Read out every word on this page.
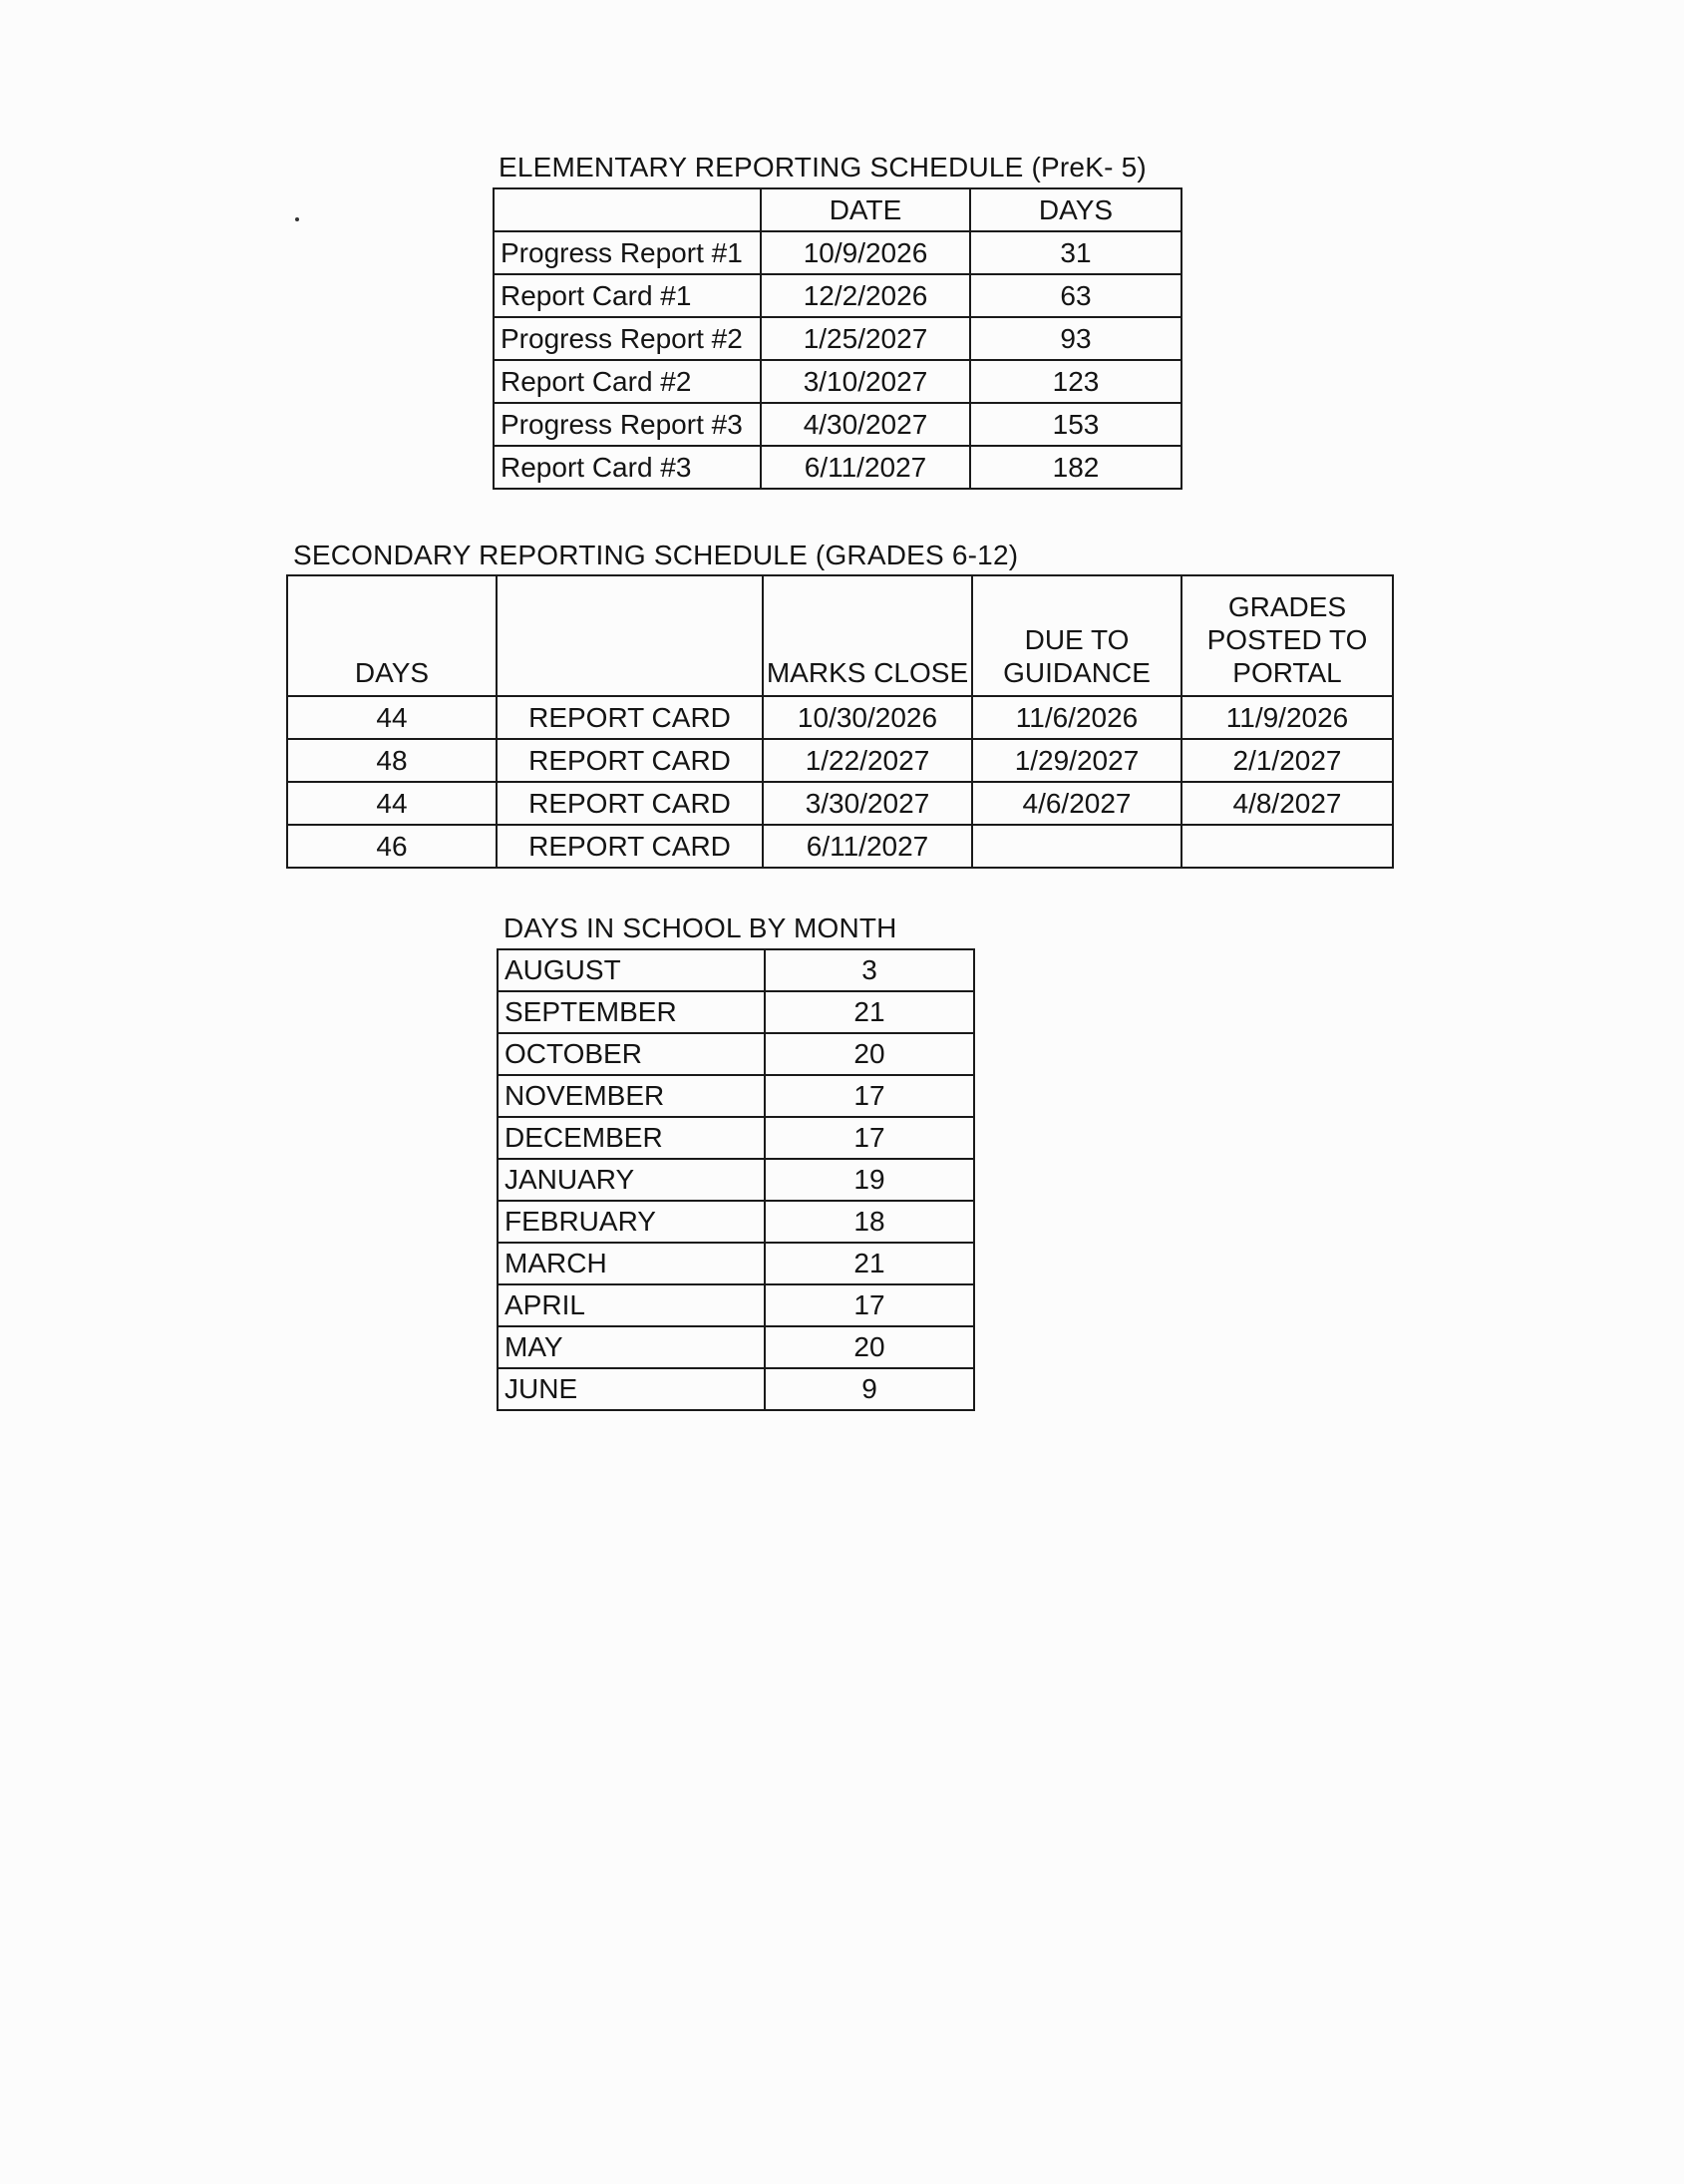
ELEMENTARY REPORTING SCHEDULE (PreK- 5)
	DATE	DAYS
Progress Report #1	10/9/2026	31
Report Card #1	12/2/2026	63
Progress Report #2	1/25/2027	93
Report Card #2	3/10/2027	123
Progress Report #3	4/30/2027	153
Report Card #3	6/11/2027	182
SECONDARY REPORTING SCHEDULE (GRADES 6-12)
DAYS		MARKS CLOSE	DUE TO GUIDANCE	GRADES POSTED TO PORTAL
44	REPORT CARD	10/30/2026	11/6/2026	11/9/2026
48	REPORT CARD	1/22/2027	1/29/2027	2/1/2027
44	REPORT CARD	3/30/2027	4/6/2027	4/8/2027
46	REPORT CARD	6/11/2027		
DAYS IN SCHOOL BY MONTH
AUGUST	3
SEPTEMBER	21
OCTOBER	20
NOVEMBER	17
DECEMBER	17
JANUARY	19
FEBRUARY	18
MARCH	21
APRIL	17
MAY	20
JUNE	9
